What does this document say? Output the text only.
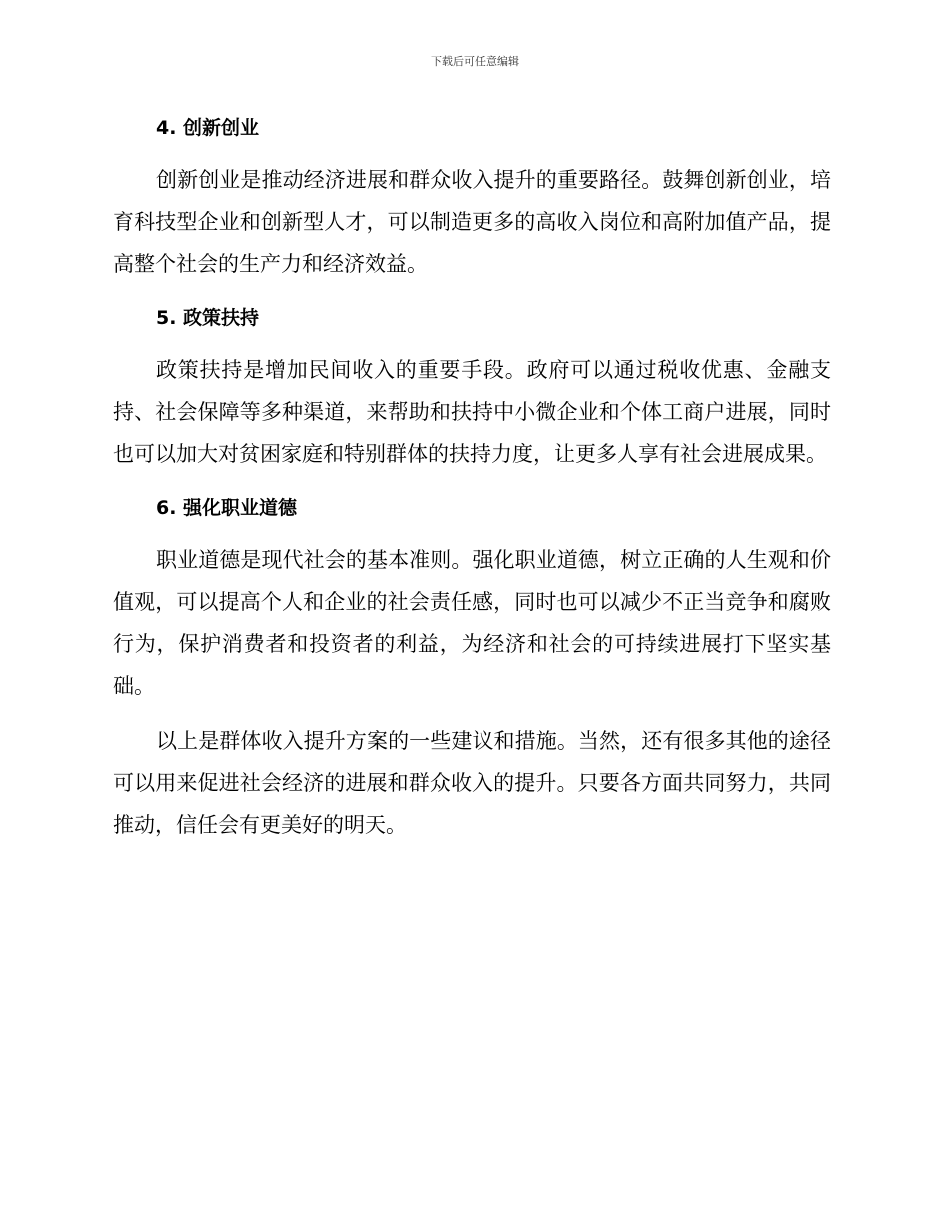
下载后可任意编辑
4. 创新创业

创新创业是推动经济进展和群众收入提升的重要路径。鼓舞创新创业，培育科技型企业和创新型人才，可以制造更多的高收入岗位和高附加值产品，提高整个社会的生产力和经济效益。

5. 政策扶持

政策扶持是增加民间收入的重要手段。政府可以通过税收优惠、金融支持、社会保障等多种渠道，来帮助和扶持中小微企业和个体工商户进展，同时也可以加大对贫困家庭和特别群体的扶持力度，让更多人享有社会进展成果。

6. 强化职业道德

职业道德是现代社会的基本准则。强化职业道德，树立正确的人生观和价值观，可以提高个人和企业的社会责任感，同时也可以减少不正当竞争和腐败行为，保护消费者和投资者的利益，为经济和社会的可持续进展打下坚实基础。

以上是群体收入提升方案的一些建议和措施。当然，还有很多其他的途径可以用来促进社会经济的进展和群众收入的提升。只要各方面共同努力，共同推动，信任会有更美好的明天。
